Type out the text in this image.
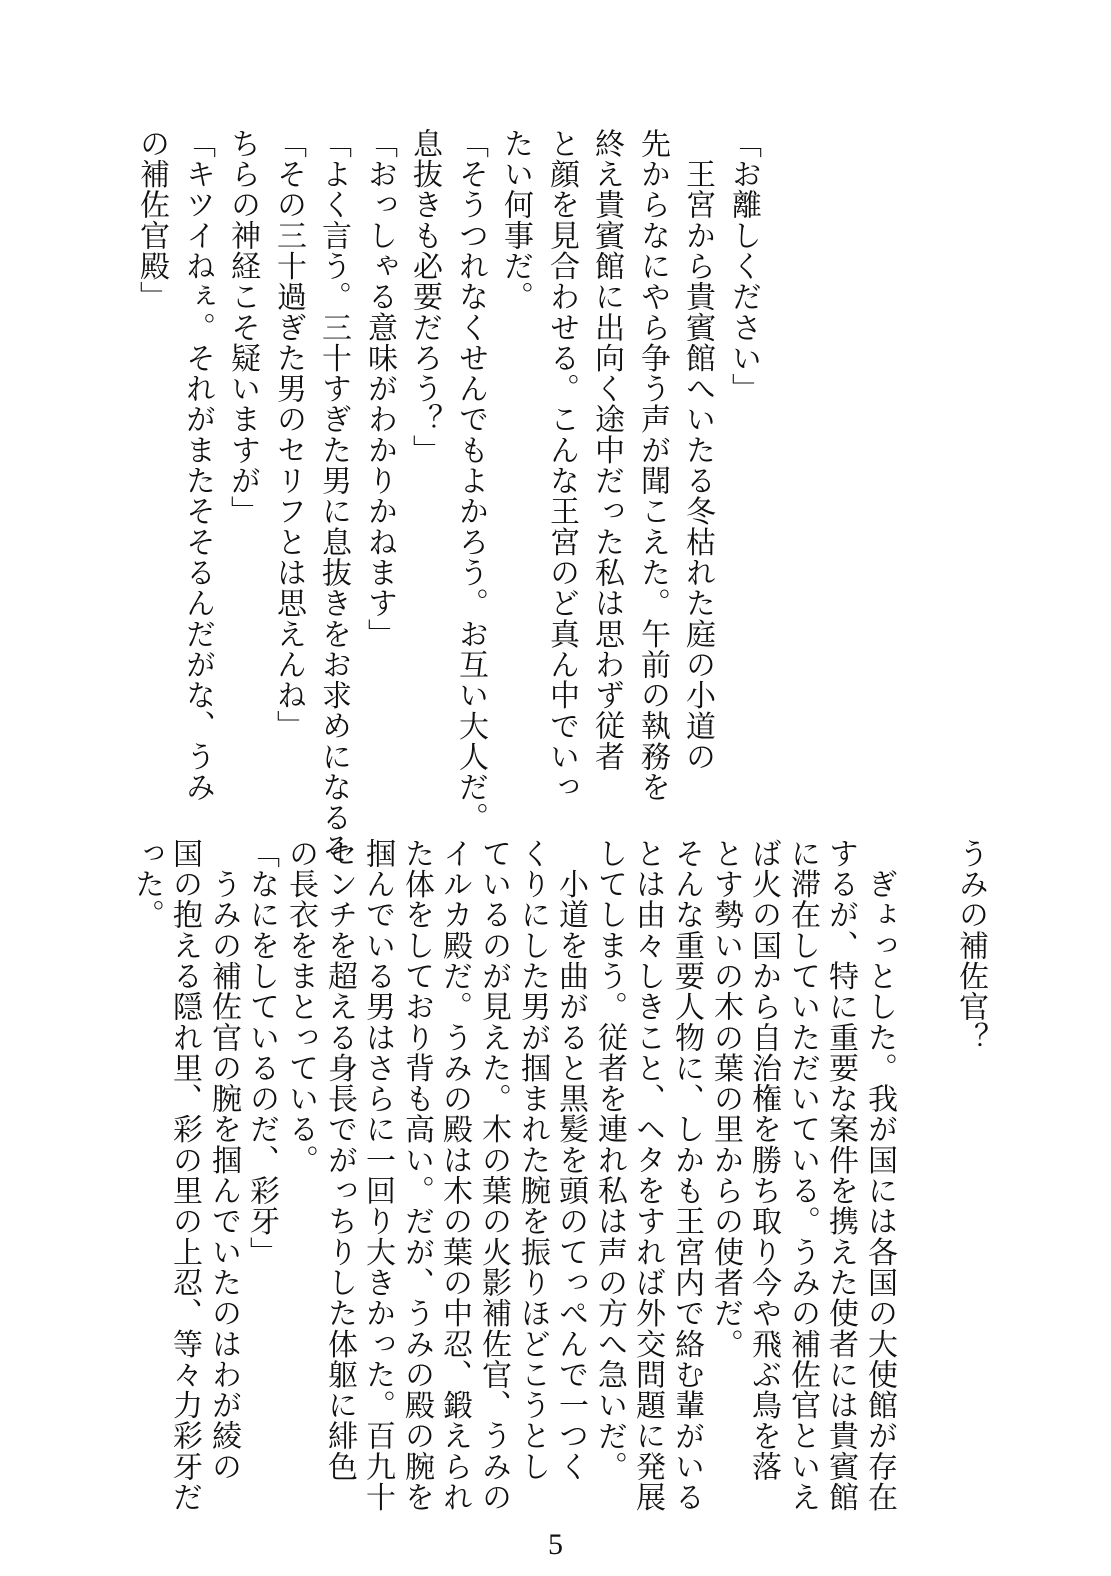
「お離しください」
　王宮から貴賓館へいたる冬枯れた庭の小道の
先からなにやら争う声が聞こえた。午前の執務を
終え貴賓館に出向く途中だった私は思わず従者
と顔を見合わせる。こんな王宮のど真ん中でいっ
たい何事だ。
「そうつれなくせんでもよかろう。お互い大人だ。
息抜きも必要だろう？」
「おっしゃる意味がわかりかねます」
「よく言う。三十すぎた男に息抜きをお求めになるそ
「その三十過ぎた男のセリフとは思えんね」
ちらの神経こそ疑いますが」
「キツイねぇ。それがまたそそるんだがな、うみ
の補佐官殿」
うみの補佐官？
　ぎょっとした。我が国には各国の大使館が存在
するが、特に重要な案件を携えた使者には貴賓館
に滞在していただいている。うみの補佐官といえ
ば火の国から自治権を勝ち取り今や飛ぶ鳥を落
とす勢いの木の葉の里からの使者だ。
そんな重要人物に、しかも王宮内で絡む輩がいる
とは由々しきこと、ヘタをすれば外交問題に発展
してしまう。従者を連れ私は声の方へ急いだ。
　小道を曲がると黒髪を頭のてっぺんで一つく
くりにした男が掴まれた腕を振りほどこうとし
ているのが見えた。木の葉の火影補佐官、うみの
イルカ殿だ。うみの殿は木の葉の中忍、鍛えられ
た体をしており背も高い。だが、うみの殿の腕を
掴んでいる男はさらに一回り大きかった。百九十
センチを超える身長でがっちりした体躯に緋色
の長衣をまとっている。
「なにをしているのだ、彩牙」
　うみの補佐官の腕を掴んでいたのはわが綾の
国の抱える隠れ里、彩の里の上忍、等々力彩牙だ
った。
5
